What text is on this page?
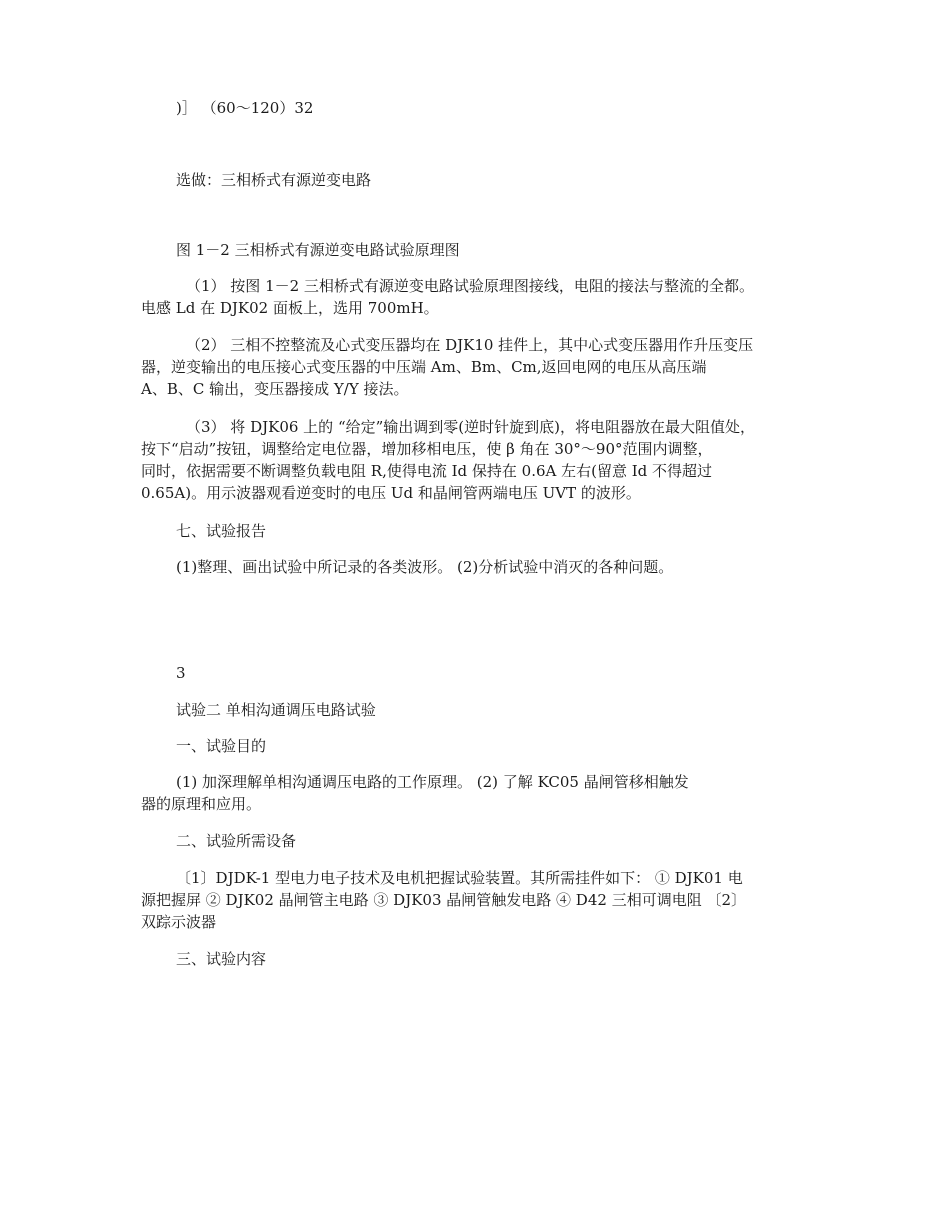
)］ （60～120）32

选做：三相桥式有源逆变电路

图 1－2 三相桥式有源逆变电路试验原理图

（1） 按图 1－2 三相桥式有源逆变电路试验原理图接线，电阻的接法与整流的全都。

电感 Ld 在 DJK02 面板上，选用 700mH。

（2） 三相不控整流及心式变压器均在 DJK10 挂件上，其中心式变压器用作升压变压

器，逆变输出的电压接心式变压器的中压端 Am、Bm、Cm,返回电网的电压从高压端

A、B、C 输出，变压器接成 Y/Y 接法。

（3） 将 DJK06 上的 “给定”输出调到零(逆时针旋到底)，将电阻器放在最大阻值处，

按下“启动”按钮，调整给定电位器，增加移相电压，使 β 角在 30°～90°范围内调整，

同时，依据需要不断调整负载电阻 R,使得电流 Id 保持在 0.6A 左右(留意 Id 不得超过

0.65A)。用示波器观看逆变时的电压 Ud 和晶闸管两端电压 UVT 的波形。

七、试验报告

(1)整理、画出试验中所记录的各类波形。 (2)分析试验中消灭的各种问题。

3

试验二 单相沟通调压电路试验

一、试验目的

(1) 加深理解单相沟通调压电路的工作原理。 (2) 了解 KC05 晶闸管移相触发

器的原理和应用。

二、试验所需设备

〔1〕DJDK-1 型电力电子技术及电机把握试验装置。其所需挂件如下： ① DJK01 电

源把握屏 ② DJK02 晶闸管主电路 ③ DJK03 晶闸管触发电路 ④ D42 三相可调电阻 〔2〕

双踪示波器

三、试验内容
